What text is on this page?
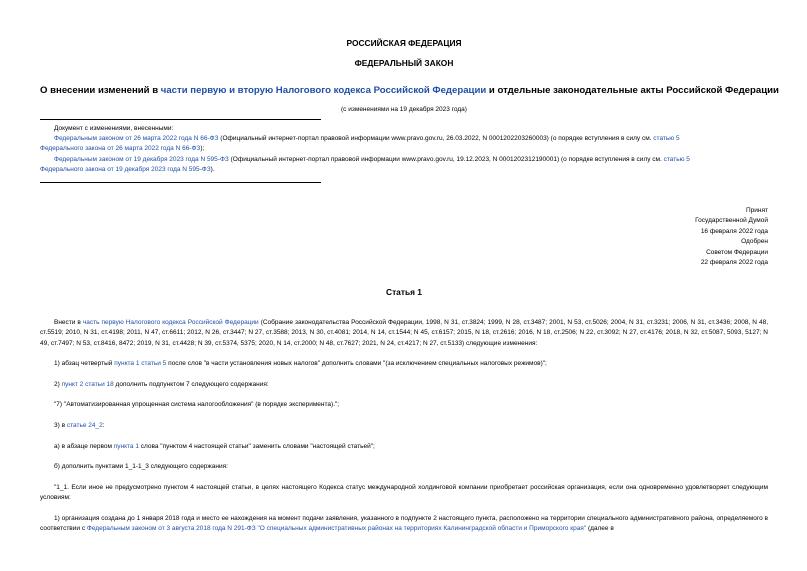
РОССИЙСКАЯ ФЕДЕРАЦИЯ
ФЕДЕРАЛЬНЫЙ ЗАКОН
О внесении изменений в части первую и вторую Налогового кодекса Российской Федерации и отдельные законодательные акты Российской Федерации
(с изменениями на 19 декабря 2023 года)
Документ с изменениями, внесенными:
Федеральным законом от 26 марта 2022 года N 66-ФЗ (Официальный интернет-портал правовой информации www.pravo.gov.ru, 26.03.2022, N 0001202203260003) (о порядке вступления в силу см. статью 5
Федерального закона от 26 марта 2022 года N 66-ФЗ);
Федеральным законом от 19 декабря 2023 года N 595-ФЗ (Официальный интернет-портал правовой информации www.pravo.gov.ru, 19.12.2023, N 0001202312190001) (о порядке вступления в силу см. статью 5
Федерального закона от 19 декабря 2023 года N 595-ФЗ).
Принят
Государственной Думой
16 февраля 2022 года
Одобрен
Советом Федерации
22 февраля 2022 года
Статья 1
Внести в часть первую Налогового кодекса Российской Федерации (Собрание законодательства Российской Федерации, 1998, N 31, ст.3824; 1999, N 28, ст.3487; 2001, N 53, ст.5026; 2004, N 31, ст.3231; 2006, N 31, ст.3436; 2008, N 48, ст.5519; 2010, N 31, ст.4198; 2011, N 47, ст.6611; 2012, N 26, ст.3447; N 27, ст.3588; 2013, N 30, ст.4081; 2014, N 14, ст.1544; N 45, ст.6157; 2015, N 18, ст.2616; 2016, N 18, ст.2506; N 22, ст.3092; N 27, ст.4176; 2018, N 32, ст.5087, 5093, 5127; N 49, ст.7497; N 53, ст.8416, 8472; 2019, N 31, ст.4428; N 39, ст.5374, 5375; 2020, N 14, ст.2000; N 48, ст.7627; 2021, N 24, ст.4217; N 27, ст.5133) следующие изменения:
1) абзац четвертый пункта 1 статьи 5 после слов "в части установления новых налогов" дополнить словами "(за исключением специальных налоговых режимов)";
2) пункт 2 статьи 18 дополнить подпунктом 7 следующего содержания:
"7) "Автоматизированная упрощенная система налогообложения" (в порядке эксперимента).";
3) в статье 24_2:
а) в абзаце первом пункта 1 слова "пунктом 4 настоящей статьи" заменить словами "настоящей статьей";
б) дополнить пунктами 1_1-1_3 следующего содержания:
"1_1. Если иное не предусмотрено пунктом 4 настоящей статьи, в целях настоящего Кодекса статус международной холдинговой компании приобретает российская организация, если она одновременно удовлетворяет следующим условиям:
1) организация создана до 1 января 2018 года и место ее нахождения на момент подачи заявления, указанного в подпункте 2 настоящего пункта, расположено на территории специального административного района, определяемого в соответствии с Федеральным законом от 3 августа 2018 года N 291-ФЗ "О специальных административных районах на территориях Калининградской области и Приморского края" (далее в
